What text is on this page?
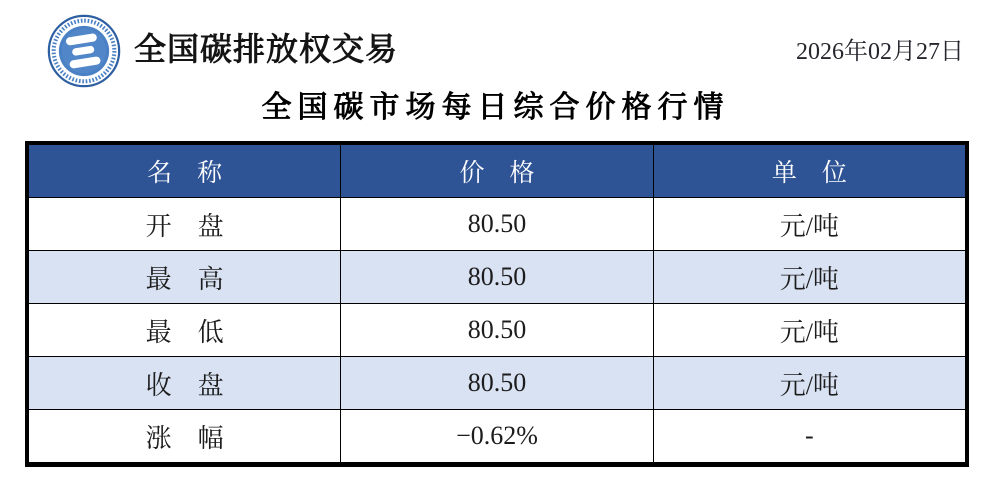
全国碳排放权交易	2026年02月27日
全国碳市场每日综合价格行情
名　称	价　格	单　位
开　盘	80.50	元/吨
最　高	80.50	元/吨
最　低	80.50	元/吨
收　盘	80.50	元/吨
涨　幅	−0.62%	-
